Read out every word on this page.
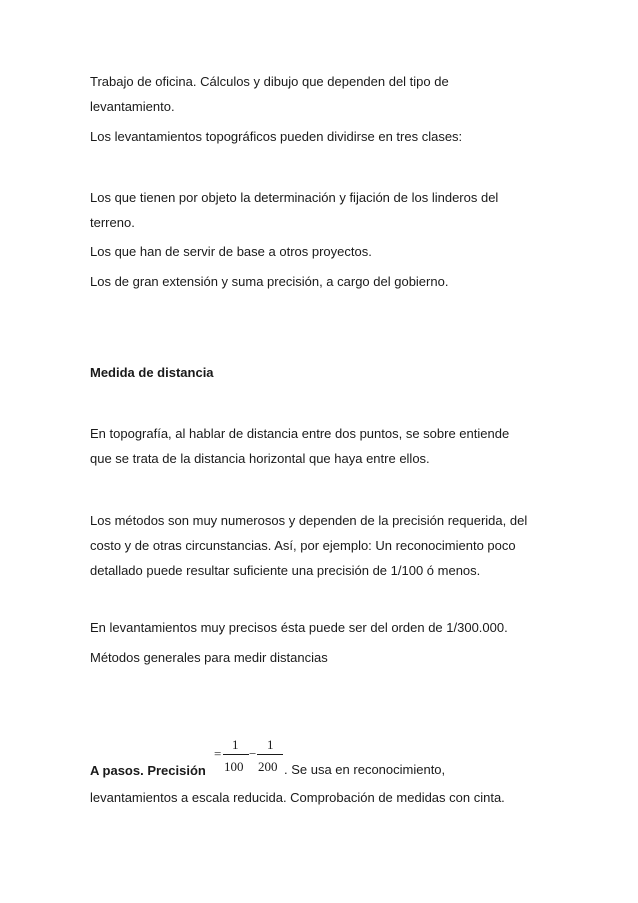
Trabajo de oficina. Cálculos y dibujo que dependen del tipo de
levantamiento.
Los levantamientos topográficos pueden dividirse en tres clases:
Los que tienen por objeto la determinación y fijación de los linderos del
terreno.
Los que han de servir de base a otros proyectos.
Los de gran extensión y suma precisión, a cargo del gobierno.
Medida de distancia
En topografía, al hablar de distancia entre dos puntos, se sobre entiende
que se trata de la distancia horizontal que haya entre ellos.
Los métodos son muy numerosos y dependen de la precisión requerida, del
costo y de otras circunstancias. Así, por ejemplo: Un reconocimiento poco
detallado puede resultar suficiente una precisión de 1/100 ó menos.
En levantamientos muy precisos ésta puede ser del orden de 1/300.000.
Métodos generales para medir distancias
A pasos. Precisión
=
1
100
−
1
200 . Se usa en reconocimiento,
levantamientos a escala reducida. Comprobación de medidas con cinta.
